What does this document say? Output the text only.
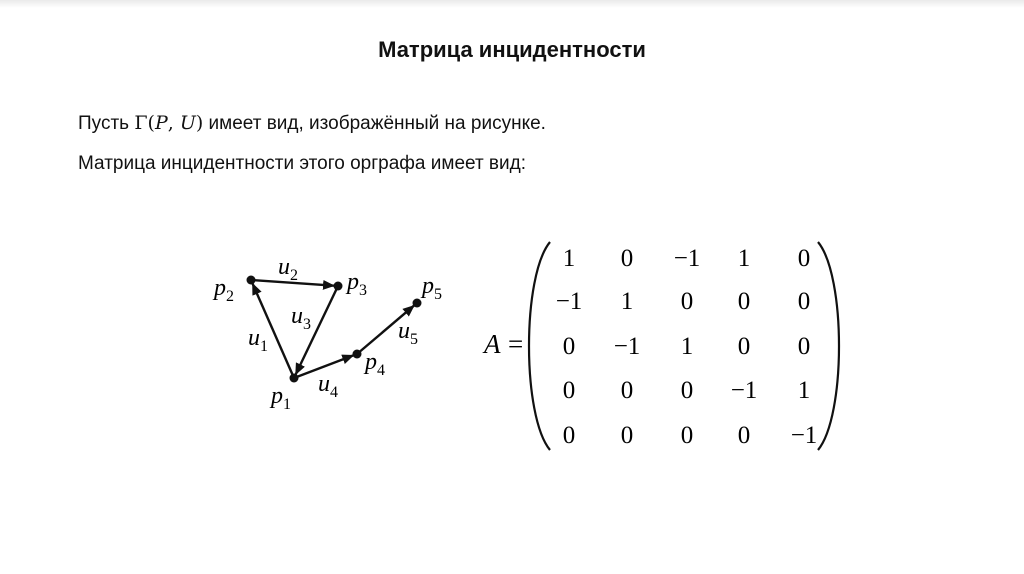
Матрица инцидентности
Пусть Γ(P, U) имеет вид, изображённый на рисунке.
Матрица инцидентности этого орграфа имеет вид:
$p_1$
$p_2$
$p_3$
$p_4$
$p_5$
$u_1$
$u_2$
$u_3$
$u_4$
$u_5$ A =
1 0 −1 1 0
−1 1 0 0 0
0 −1 1 0 0
0 0 0 −1 1
0 0 0 0 −1
